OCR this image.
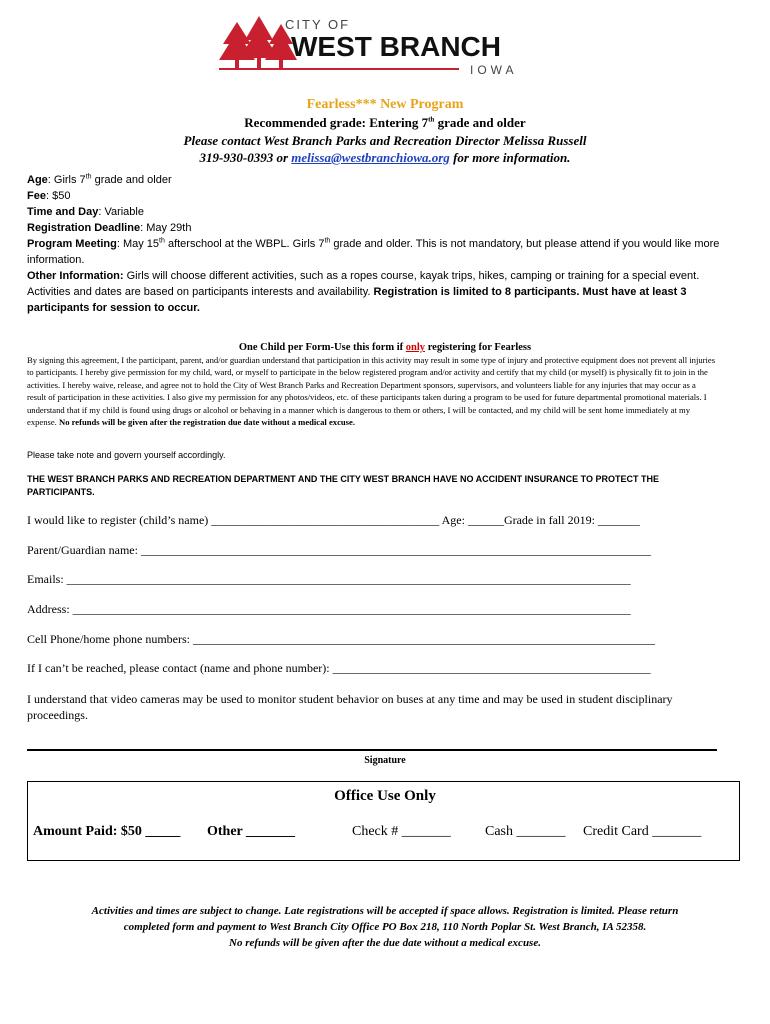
CITY OF
WEST BRANCH
IOWA
Fearless*** New Program
Recommended grade: Entering 7th grade and older
Please contact West Branch Parks and Recreation Director Melissa Russell
319-930-0393 or melissa@westbranchiowa.org for more information.
Age: Girls 7th grade and older
Fee: $50
Time and Day: Variable
Registration Deadline: May 29th
Program Meeting: May 15th afterschool at the WBPL. Girls 7th grade and older. This is not mandatory, but please attend if you would like more information.
Other Information: Girls will choose different activities, such as a ropes course, kayak trips, hikes, camping or training for a special event. Activities and dates are based on participants interests and availability. Registration is limited to 8 participants. Must have at least 3 participants for session to occur.
One Child per Form-Use this form if only registering for Fearless
By signing this agreement, I the participant, parent, and/or guardian understand that participation in this activity may result in some type of injury and protective equipment does not prevent all injuries to participants. I hereby give permission for my child, ward, or myself to participate in the below registered program and/or activity and certify that my child (or myself) is physically fit to join in the activities. I hereby waive, release, and agree not to hold the City of West Branch Parks and Recreation Department sponsors, supervisors, and volunteers liable for any injuries that may occur as a result of participation in these activities. I also give my permission for any photos/videos, etc. of these participants taken during a program to be used for future departmental promotional materials. I understand that if my child is found using drugs or alcohol or behaving in a manner which is dangerous to them or others, I will be contacted, and my child will be sent home immediately at my expense. No refunds will be given after the registration due date without a medical excuse.
Please take note and govern yourself accordingly.
THE WEST BRANCH PARKS AND RECREATION DEPARTMENT AND THE CITY WEST BRANCH HAVE NO ACCIDENT INSURANCE TO PROTECT THE PARTICIPANTS.
I would like to register (child’s name) ______________________________________ Age: ______Grade in fall 2019: _______
Parent/Guardian name: _____________________________________________________________________________________
Emails: ______________________________________________________________________________________________
Address: _____________________________________________________________________________________________
Cell Phone/home phone numbers: _____________________________________________________________________________
If I can’t be reached, please contact (name and phone number): _____________________________________________________
I understand that video cameras may be used to monitor student behavior on buses at any time and may be used in student disciplinary proceedings.
Signature
Office Use Only
Amount Paid: $50 _____ Other _______	Check # _______ Cash _______ Credit Card _______
Activities and times are subject to change. Late registrations will be accepted if space allows. Registration is limited. Please return
completed form and payment to West Branch City Office PO Box 218, 110 North Poplar St. West Branch, IA 52358.
No refunds will be given after the due date without a medical excuse.
